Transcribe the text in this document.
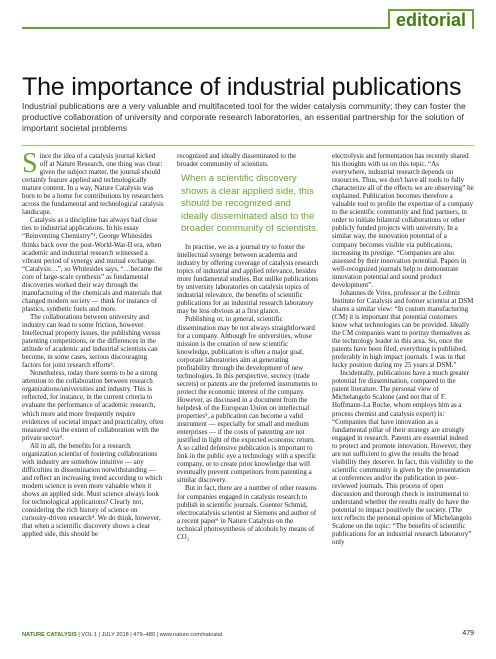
editorial
The importance of industrial publications

Industrial publications are a very valuable and multifaceted tool for the wider catalysis community; they can foster the productive collaboration of university and corporate research laboratories, an essential partnership for the solution of important societal problems

S ince the idea of a catalysis journal kicked off at Nature Research, one thing was clear: given the subject matter, the journal should certainly feature applied and technologically mature content. In a way, Nature Catalysis was born to be a home for contributions by researchers across the fundamental and technological catalysis landscape.

Catalysis as a discipline has always had close ties to industrial applications. In his essay “Reinventing Chemistry”¹, George Whitesides thinks back over the post-World-War-II era, when academic and industrial research witnessed a vibrant period of synergy and mutual exchange. “Catalysis…”, so Whitesides says, “…became the core of large-scale synthesis” as fundamental discoveries worked their way through the manufacturing of the chemicals and materials that changed modern society — think for instance of plastics, synthetic fuels and more.

The collaborations between university and industry can lead to some friction, however. Intellectual property issues, the publishing versus patenting competitions, or the differences in the attitude of academic and industrial scientists can become, in some cases, serious discouraging factors for joint research efforts².

Nonetheless, today there seems to be a strong attention to the collaboration between research organizations/universities and industry. This is reflected, for instance, in the current criteria to evaluate the performance of academic research, which more and more frequently require evidences of societal impact and practicality, often measured via the extent of collaboration with the private sector³.

All in all, the benefits for a research organization scientist of fostering collaborations with industry are somehow intuitive — any difficulties in dissemination notwithstanding — and reflect an increasing trend according to which modern science is even more valuable when it shows an applied side. Must science always look for technological applications? Clearly not, considering the rich history of science on curiosity-driven research⁴. We do think, however, that when a scientific discovery shows a clear applied side, this should be

recognized and ideally disseminated to the broader community of scientists.

When a scientific discovery shows a clear applied side, this should be recognized and ideally disseminated also to the broader community of scientists.

In practise, we as a journal try to foster the intellectual synergy between academia and industry by offering coverage of catalysis research topics of industrial and applied relevance, besides more fundamental studies. But unlike publications by university laboratories on catalysis topics of industrial relevance, the benefits of scientific publications for an industrial research laboratory may be less obvious at a first glance.

Publishing or, in general, scientific dissemination may be not always straightforward for a company. Although for universities, whose mission is the creation of new scientific knowledge, publication is often a major goal, corporate laboratories aim at generating profitability through the development of new technologies. In this perspective, secrecy (trade secrets) or patents are the preferred instruments to protect the economic interest of the company. However, as discussed in a document from the helpdesk of the European Union on intellectual properties⁵, a publication can become a valid instrument — especially for small and medium enterprises — if the costs of patenting are not justified in light of the expected economic return. A so called defensive publication is important to link in the public eye a technology with a specific company, or to create prior knowledge that will eventually prevent competitors from patenting a similar discovery.

But in fact, there are a number of other reasons for companies engaged in catalysis research to publish in scientific journals. Guenter Schmid, electrocatalysis scientist at Siemens and author of a recent paper⁶ in Nature Catalysis on the technical photosynthesis of alcohols by means of CO₂

electrolysis and fermentation has recently shared his thoughts with us on this topic. “As everywhere, industrial research depends on resources. Thus, we don't have all tools to fully characterize all of the effects we are observing” he explained. Publication becomes therefore a valuable tool to profile the expertise of a company to the scientific community and find partners, in order to initiate bilateral collaborations or other publicly funded projects with university. In a similar way, the innovation potential of a company becomes visible via publications, increasing its prestige. “Companies are also assessed by their innovation potential. Papers in well-recognized journals help to demonstrate innovation potential and sound product development”.

Johannes de Vries, professor at the Leibniz Institute for Catalysis and former scientist at DSM shares a similar view: “In custom manufacturing (CM) it is important that potential customers know what technologies can be provided. Ideally the CM companies want to portray themselves as the technology leader in this area. So, once the patents have been filed, everything is published, preferably in high impact journals. I was in that lucky position during my 25 years at DSM.”

Incidentally, publications have a much greater potential for dissemination, compared to the patent literature. The personal view of Michelangelo Scalone (and not that of F. Hoffmann-La Roche, whom employs him as a process chemist and catalysis expert) is: “Companies that have innovation as a fundamental pillar of their strategy are strongly engaged in research. Patents are essential indeed to protect and promote innovation. However, they are not sufficient to give the results the broad visibility they deserve. In fact, this visibility to the scientific community is given by the presentation at conferences and/or the publication in peer-reviewed journals. This process of open discussion and thorough check is instrumental to understand whether the results really do have the potential to impact positively the society. (The text reflects the personal opinion of Michelangelo Scalone on the topic: “The benefits of scientific publications for an industrial research laboratory” only

NATURE CATALYSIS | VOL 1 | JULY 2018 | 479–480 | www.nature.com/natcatal	479
